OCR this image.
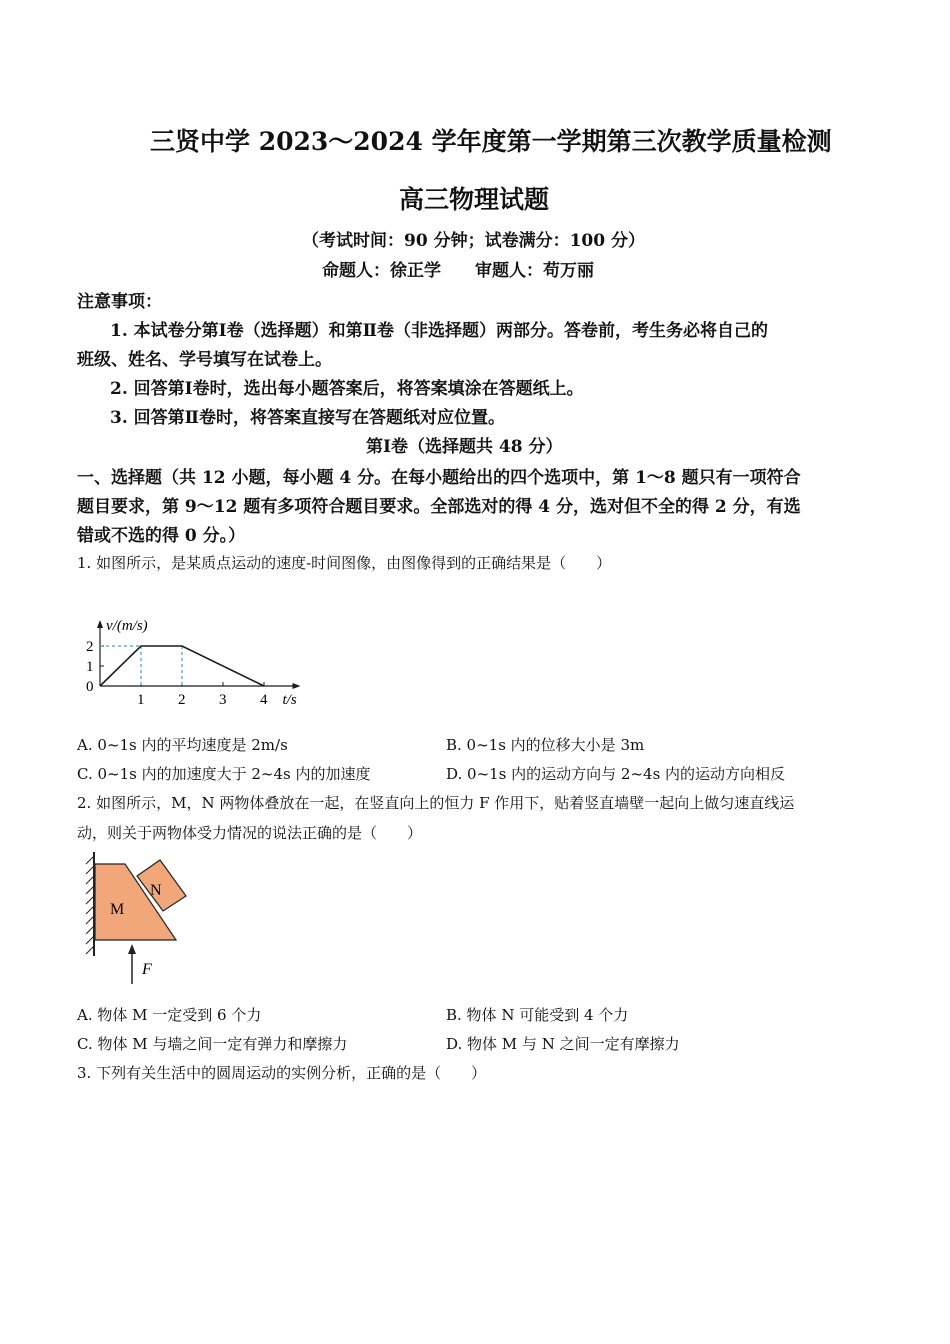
三贤中学 2023～2024 学年度第一学期第三次教学质量检测
高三物理试题
（考试时间：90 分钟；试卷满分：100 分）
命题人：徐正学　　审题人：苟万丽
注意事项：
1. 本试卷分第Ⅰ卷（选择题）和第Ⅱ卷（非选择题）两部分。答卷前，考生务必将自己的
班级、姓名、学号填写在试卷上。
2. 回答第Ⅰ卷时，选出每小题答案后，将答案填涂在答题纸上。
3. 回答第Ⅱ卷时，将答案直接写在答题纸对应位置。
第Ⅰ卷（选择题共 48 分）
一、选择题（共 12 小题，每小题 4 分。在每小题给出的四个选项中，第 1～8 题只有一项符合
题目要求，第 9～12 题有多项符合题目要求。全部选对的得 4 分，选对但不全的得 2 分，有选
错或不选的得 0 分。）
1. 如图所示，是某质点运动的速度-时间图像，由图像得到的正确结果是（　　）
v/(m/s)
t/s
0
1 2 3 4
1
2
A. 0~1s 内的平均速度是 2m/s	B. 0~1s 内的位移大小是 3m
C. 0~1s 内的加速度大于 2~4s 内的加速度	D. 0~1s 内的运动方向与 2~4s 内的运动方向相反
2. 如图所示，M，N 两物体叠放在一起，在竖直向上的恒力 F 作用下，贴着竖直墙壁一起向上做匀速直线运
动，则关于两物体受力情况的说法正确的是（　　）
M
N
F
A. 物体 M 一定受到 6 个力	B. 物体 N 可能受到 4 个力
C. 物体 M 与墙之间一定有弹力和摩擦力	D. 物体 M 与 N 之间一定有摩擦力
3. 下列有关生活中的圆周运动的实例分析，正确的是（　　）
